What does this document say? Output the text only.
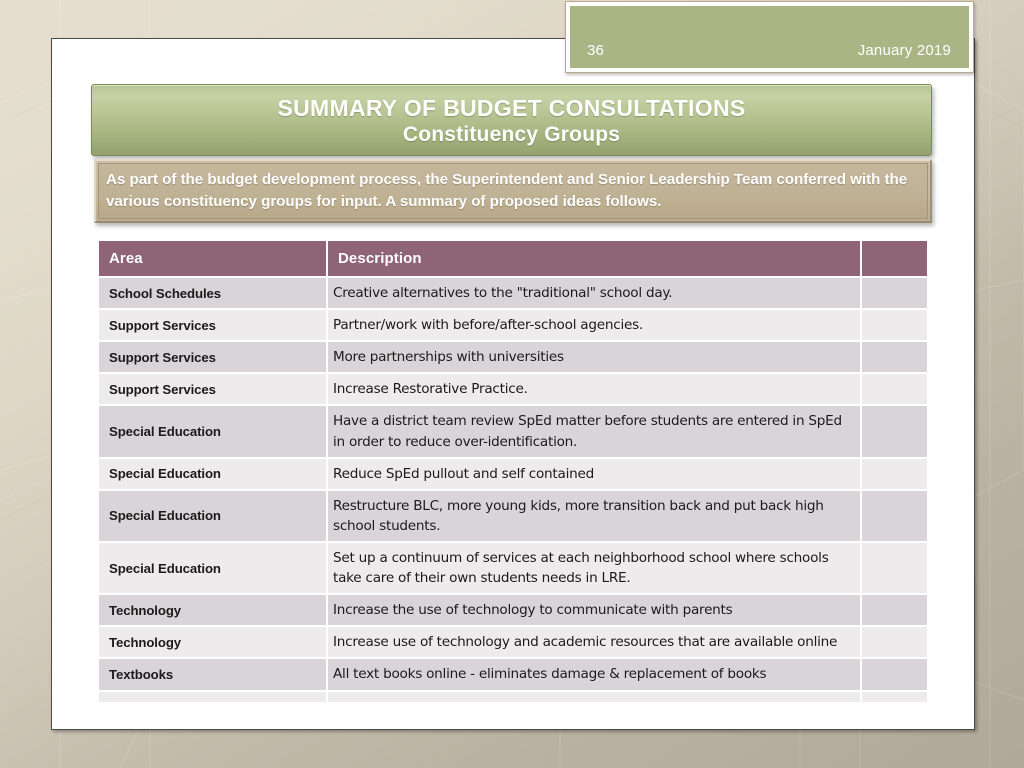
36	January 2019
SUMMARY OF BUDGET CONSULTATIONS
Constituency Groups
As part of the budget development process, the Superintendent and Senior Leadership Team conferred with the various constituency groups for input. A summary of proposed ideas follows.
Area	Description	
School Schedules	Creative alternatives to the "traditional" school day.	
Support Services	Partner/work with before/after-school agencies.	
Support Services	More partnerships with universities	
Support Services	Increase Restorative Practice.	
Special Education	Have a district team review SpEd matter before students are entered in SpEd in order to reduce over-identification.	
Special Education	Reduce SpEd pullout and self contained	
Special Education	Restructure BLC, more young kids, more transition back and put back high school students.	
Special Education	Set up a continuum of services at each neighborhood school where schools take care of their own students needs in LRE.	
Technology	Increase the use of technology to communicate with parents	
Technology	Increase use of technology and academic resources that are available online	
Textbooks	All text books online - eliminates damage & replacement of books	
